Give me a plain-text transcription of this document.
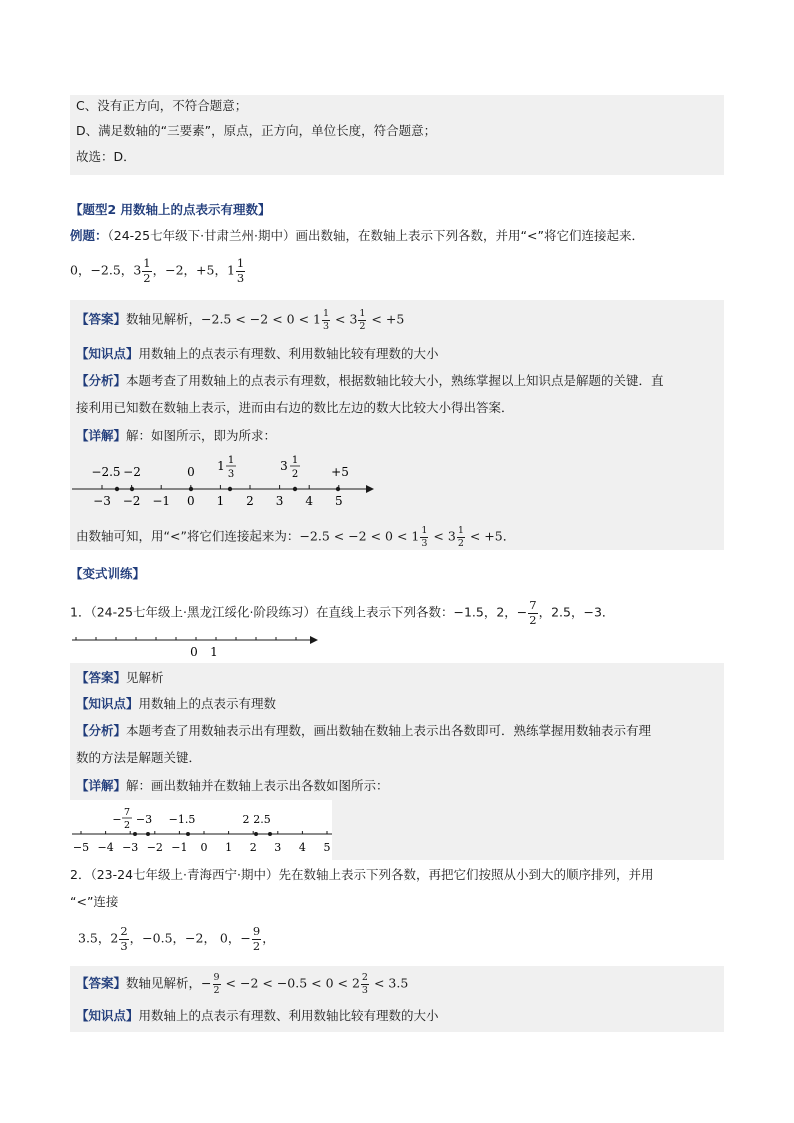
C、没有正方向，不符合题意；
D、满足数轴的“三要素”，原点，正方向，单位长度，符合题意；
故选：D．
【题型2 用数轴上的点表示有理数】
例题：（24-25七年级下·甘肃兰州·期中）画出数轴，在数轴上表示下列各数，并用“<”将它们连接起来．
0，−2.5，$3 \frac{1}{2}$ ，−2，+5，$1 \frac{1}{3}$
【答案】数轴见解析，$-2.5 < -2 < 0 < 1 \frac{1}{3} < 3 \frac{1}{2} < +5$
【知识点】用数轴上的点表示有理数、利用数轴比较有理数的大小
【分析】本题考查了用数轴上的点表示有理数，根据数轴比较大小，熟练掌握以上知识点是解题的关键．直
接利用已知数在数轴上表示，进而由右边的数比左边的数大比较大小得出答案．
【详解】解：如图所示，即为所求：
−3 −2 −1 0 1 2 3 4 5
−2.5 −2	0 1 1
3
3 1
2	+5
由数轴可知，用“<”将它们连接起来为：$-2.5 < -2 < 0 < 1 \frac{1}{3} < 3 \frac{1}{2} < +5$．
【变式训练】
1．（24-25七年级上·黑龙江绥化·阶段练习）在直线上表示下列各数：−1.5，2，− $\frac{7}{2}$ ，2.5，−3．
0 1
【答案】见解析
【知识点】用数轴上的点表示有理数
【分析】本题考查了用数轴表示出有理数，画出数轴在数轴上表示出各数即可．熟练掌握用数轴表示有理
数的方法是解题关键．
【详解】解：画出数轴并在数轴上表示出各数如图所示：
−5 −4 −3 −2 −1 0 1 2 3 4 5
−
7
2 −3 −1.5	2 2.5
2．（23-24七年级上·青海西宁·期中）先在数轴上表示下列各数，再把它们按照从小到大的顺序排列，并用
“<”连接
3.5，$2 \frac{2}{3}$ ，−0.5，−2， 0，− $\frac{9}{2}$ ，
【答案】数轴见解析，− $\frac{9}{2} < -2 < -0.5 < 0 < 2 \frac{2}{3} < 3.5$
【知识点】用数轴上的点表示有理数、利用数轴比较有理数的大小
